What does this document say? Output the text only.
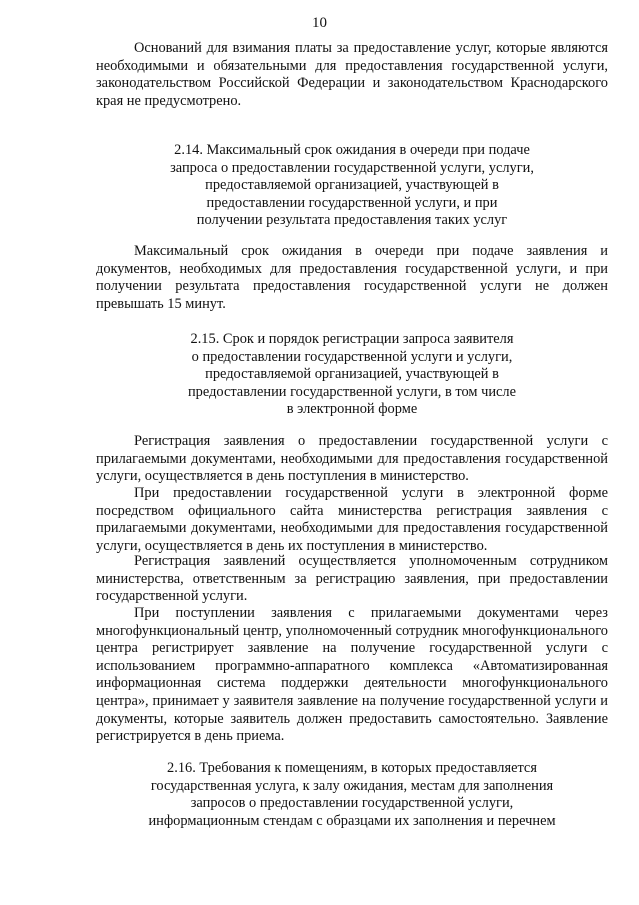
10

Оснований для взимания платы за предоставление услуг, которые являются необходимыми и обязательными для предоставления государственной услуги, законодательством Российской Федерации и законодательством Краснодарского края не предусмотрено.

2.14. Максимальный срок ожидания в очереди при подаче
запроса о предоставлении государственной услуги, услуги,
предоставляемой организацией, участвующей в
предоставлении государственной услуги, и при
получении результата предоставления таких услуг

Максимальный срок ожидания в очереди при подаче заявления и документов, необходимых для предоставления государственной услуги, и при получении результата предоставления государственной услуги не должен превышать 15 минут.

2.15. Срок и порядок регистрации запроса заявителя
о предоставлении государственной услуги и услуги,
предоставляемой организацией, участвующей в
предоставлении государственной услуги, в том числе
в электронной форме

Регистрация заявления о предоставлении государственной услуги с прилагаемыми документами, необходимыми для предоставления государственной услуги, осуществляется в день поступления в министерство.

При предоставлении государственной услуги в электронной форме посредством официального сайта министерства регистрация заявления с прилагаемыми документами, необходимыми для предоставления государственной услуги, осуществляется в день их поступления в министерство.

Регистрация заявлений осуществляется уполномоченным сотрудником министерства, ответственным за регистрацию заявления, при предоставлении государственной услуги.

При поступлении заявления с прилагаемыми документами через многофункциональный центр, уполномоченный сотрудник многофункционального центра регистрирует заявление на получение государственной услуги с использованием программно-аппаратного комплекса «Автоматизированная информационная система поддержки деятельности многофункционального центра», принимает у заявителя заявление на получение государственной услуги и документы, которые заявитель должен предоставить самостоятельно. Заявление регистрируется в день приема.

2.16. Требования к помещениям, в которых предоставляется
государственная услуга, к залу ожидания, местам для заполнения
запросов о предоставлении государственной услуги,
информационным стендам с образцами их заполнения и перечнем
